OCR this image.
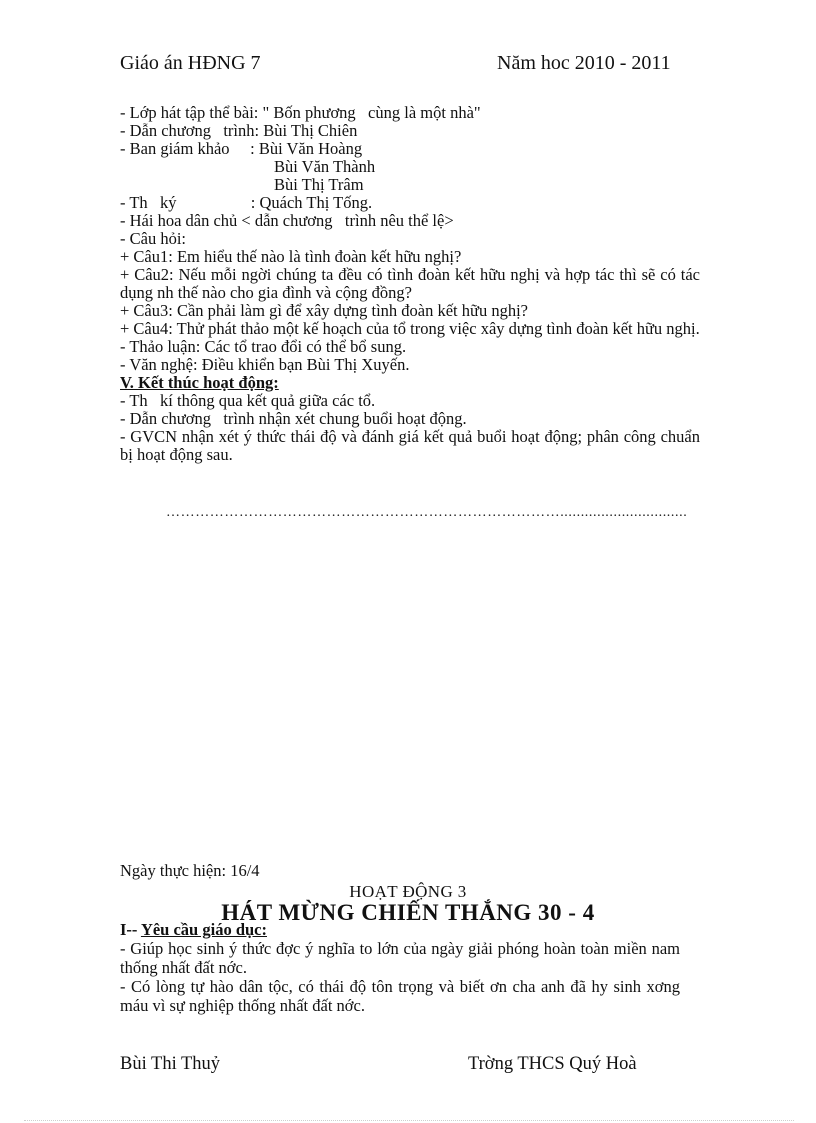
Giáo án HĐNG 7	Năm hoc 2010 - 2011
- Lớp hát tập thể bài: " Bốn phương   cùng là một nhà"
- Dẫn chương   trình: Bùi Thị Chiên
- Ban giám khảo     : Bùi Văn Hoàng
Bùi Văn Thành
Bùi Thị Trâm
- Th   ký                  : Quách Thị Tống.
- Hái hoa dân chủ < dẫn chương   trình nêu thể lệ>
- Câu hỏi:
+ Câu1: Em hiểu thế nào là tình đoàn kết hữu nghị?
+ Câu2: Nếu mỗi ngời chúng ta đều có tình đoàn kết hữu nghị và hợp tác thì sẽ có tác dụng nh thế nào cho gia đình và cộng đồng?
+ Câu3: Cần phải làm gì để xây dựng tình đoàn kết hữu nghị?
+ Câu4: Thử phát thảo một kế hoạch của tổ trong việc xây dựng tình đoàn kết hữu nghị.
- Thảo luận: Các tổ trao đổi có thể bổ sung.
- Văn nghệ: Điều khiển bạn Bùi Thị Xuyến.
V. Kết thúc hoạt động:
- Th   kí thông qua kết quả giữa các tổ.
- Dẫn chương   trình nhận xét chung buổi hoạt động.
- GVCN nhận xét ý thức thái độ và đánh giá kết quả buổi hoạt động; phân công chuẩn bị hoạt động sau.
………………………………………………………………………...............................
Ngày thực hiện: 16/4
HOẠT ĐỘNG 3
HÁT MỪNG CHIẾN THẮNG 30 - 4
I-- Yêu cầu giáo dục:
- Giúp học sinh ý thức đợc ý nghĩa to lớn của ngày giải phóng hoàn toàn miền nam thống nhất đất nớc.
- Có lòng tự hào dân tộc, có thái độ tôn trọng và biết ơn cha anh đã hy sinh xơng máu vì sự nghiệp thống nhất đất nớc.
Bùi Thi Thuỷ	Trờng THCS Quý Hoà
